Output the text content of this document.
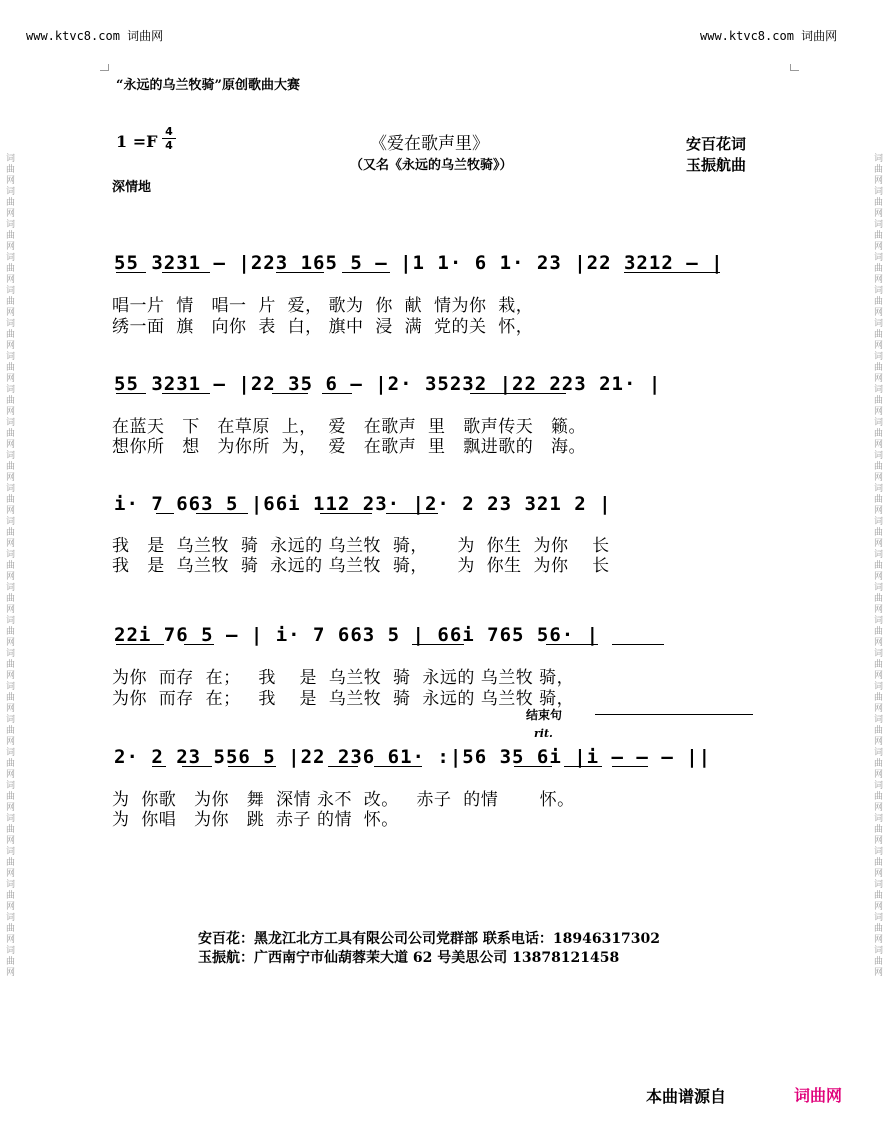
词曲网词曲网词曲网词曲网词曲网词曲网词曲网词曲网词曲网词曲网词曲网词曲网词曲网词曲网词曲网词曲网词曲网词曲网词曲网词曲网词曲网词曲网词曲网词曲网词曲网	词曲网词曲网词曲网词曲网词曲网词曲网词曲网词曲网词曲网词曲网词曲网词曲网词曲网词曲网词曲网词曲网词曲网词曲网词曲网词曲网词曲网词曲网词曲网词曲网词曲网
www.ktvc8.com 词曲网	www.ktvc8.com 词曲网
“永远的乌兰牧骑”原创歌曲大赛
1 =F
4
4	《爱在歌声里》
（又名《永远的乌兰牧骑》）
安百花词
玉振航曲
深情地
55 3231 — |223 165 5 — |1 1· 6 1· 23 |22 3212 — |
唱一片  情   唱一  片  爱， 歌为  你  献  情为你  栽，
绣一面  旗   向你  表  白， 旗中  浸  满  党的关  怀，
55 3231 — |22 35 6 — |2· 35232 |22 223 21· |
在蓝天   下   在草原  上，  爱   在歌声  里   歌声传天   籁。
想你所   想   为你所  为，  爱   在歌声  里   飘进歌的   海。
i· 7 663 5 |66i 112 23· |2· 2 23 321 2 |
我   是  乌兰牧  骑  永远的 乌兰牧  骑，     为  你生  为你    长
我   是  乌兰牧  骑  永远的 乌兰牧  骑，     为  你生  为你    长
22i 76 5 — | i· 7 663 5 | 66i 765 56· |
为你  而存  在；   我    是  乌兰牧  骑  永远的 乌兰牧 骑，
为你  而存  在；   我    是  乌兰牧  骑  永远的 乌兰牧 骑，
结束句
rit.
2· 2 23 556 5 |22 236 61· :|56 35 6i |i — — — ||
为  你歌   为你   舞  深情 永不  改。   赤子  的情       怀。
为  你唱   为你   跳  赤子 的情  怀。
安百花：黑龙江北方工具有限公司公司党群部 联系电话：18946317302
玉振航：广西南宁市仙葫蓉茉大道 62 号美思公司 13878121458
本曲谱源自	词曲网
